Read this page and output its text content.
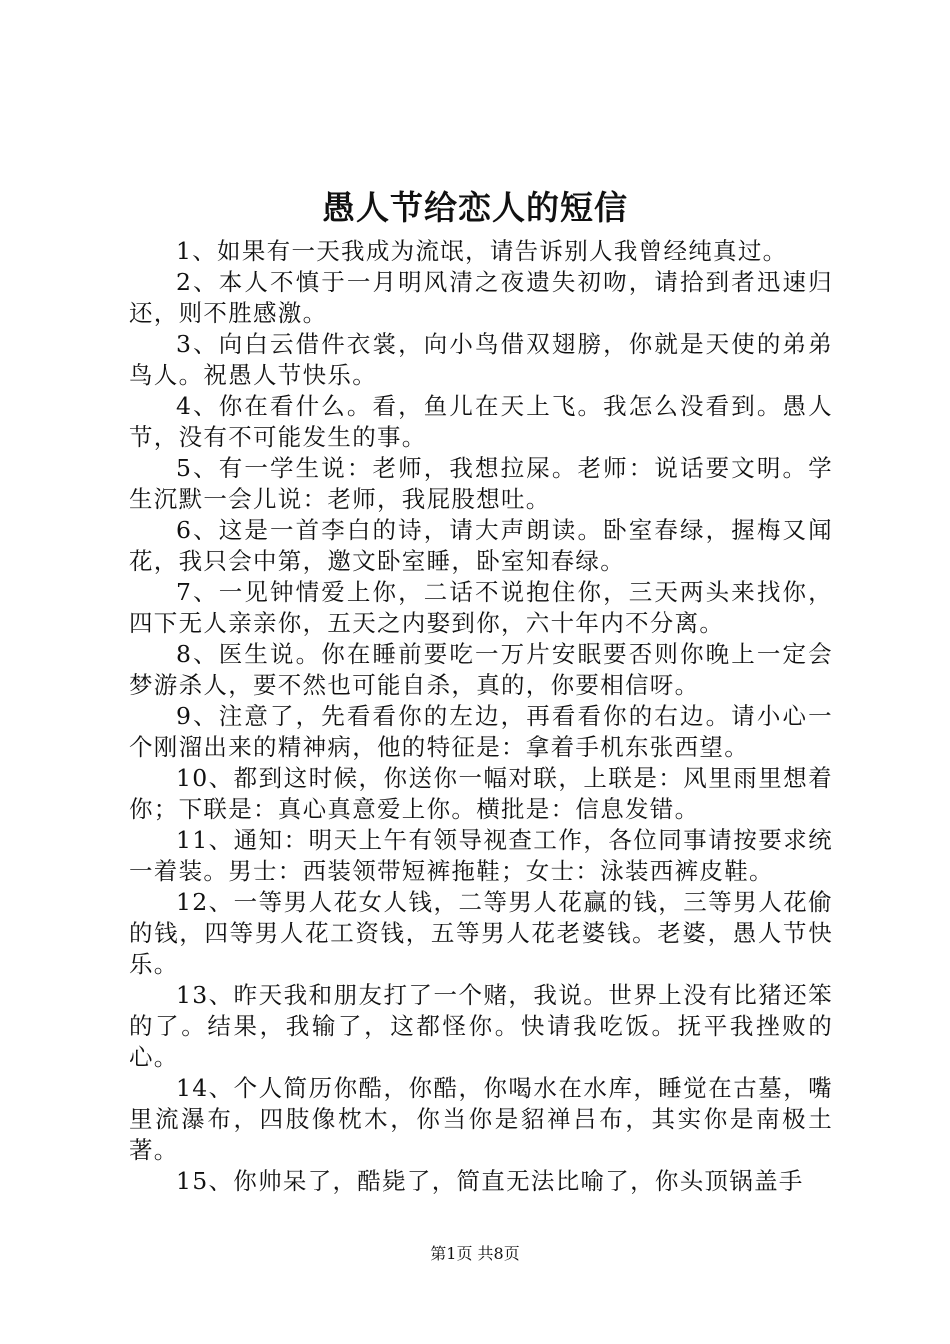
愚人节给恋人的短信

1、如果有一天我成为流氓，请告诉别人我曾经纯真过。

2、本人不慎于一月明风清之夜遗失初吻，请拾到者迅速归还，则不胜感激。

3、向白云借件衣裳，向小鸟借双翅膀，你就是天使的弟弟鸟人。祝愚人节快乐。

4、你在看什么。看，鱼儿在天上飞。我怎么没看到。愚人节，没有不可能发生的事。

5、有一学生说：老师，我想拉屎。老师：说话要文明。学生沉默一会儿说：老师，我屁股想吐。

6、这是一首李白的诗，请大声朗读。卧室春绿，握梅又闻花，我只会中第，邀文卧室睡，卧室知春绿。

7、一见钟情爱上你，二话不说抱住你，三天两头来找你，四下无人亲亲你，五天之内娶到你，六十年内不分离。

8、医生说。你在睡前要吃一万片安眠要否则你晚上一定会梦游杀人，要不然也可能自杀，真的，你要相信呀。

9、注意了，先看看你的左边，再看看你的右边。请小心一个刚溜出来的精神病，他的特征是：拿着手机东张西望。

10、都到这时候，你送你一幅对联，上联是：风里雨里想着你；下联是：真心真意爱上你。横批是：信息发错。

11、通知：明天上午有领导视查工作，各位同事请按要求统一着装。男士：西装领带短裤拖鞋；女士：泳装西裤皮鞋。

12、一等男人花女人钱，二等男人花赢的钱，三等男人花偷的钱，四等男人花工资钱，五等男人花老婆钱。老婆，愚人节快乐。

13、昨天我和朋友打了一个赌，我说。世界上没有比猪还笨的了。结果，我输了，这都怪你。快请我吃饭。抚平我挫败的心。

14、个人简历你酷，你酷，你喝水在水库，睡觉在古墓，嘴里流瀑布，四肢像枕木，你当你是貂禅吕布，其实你是南极土著。

15、你帅呆了，酷毙了，简直无法比喻了，你头顶锅盖手

第1页 共8页
